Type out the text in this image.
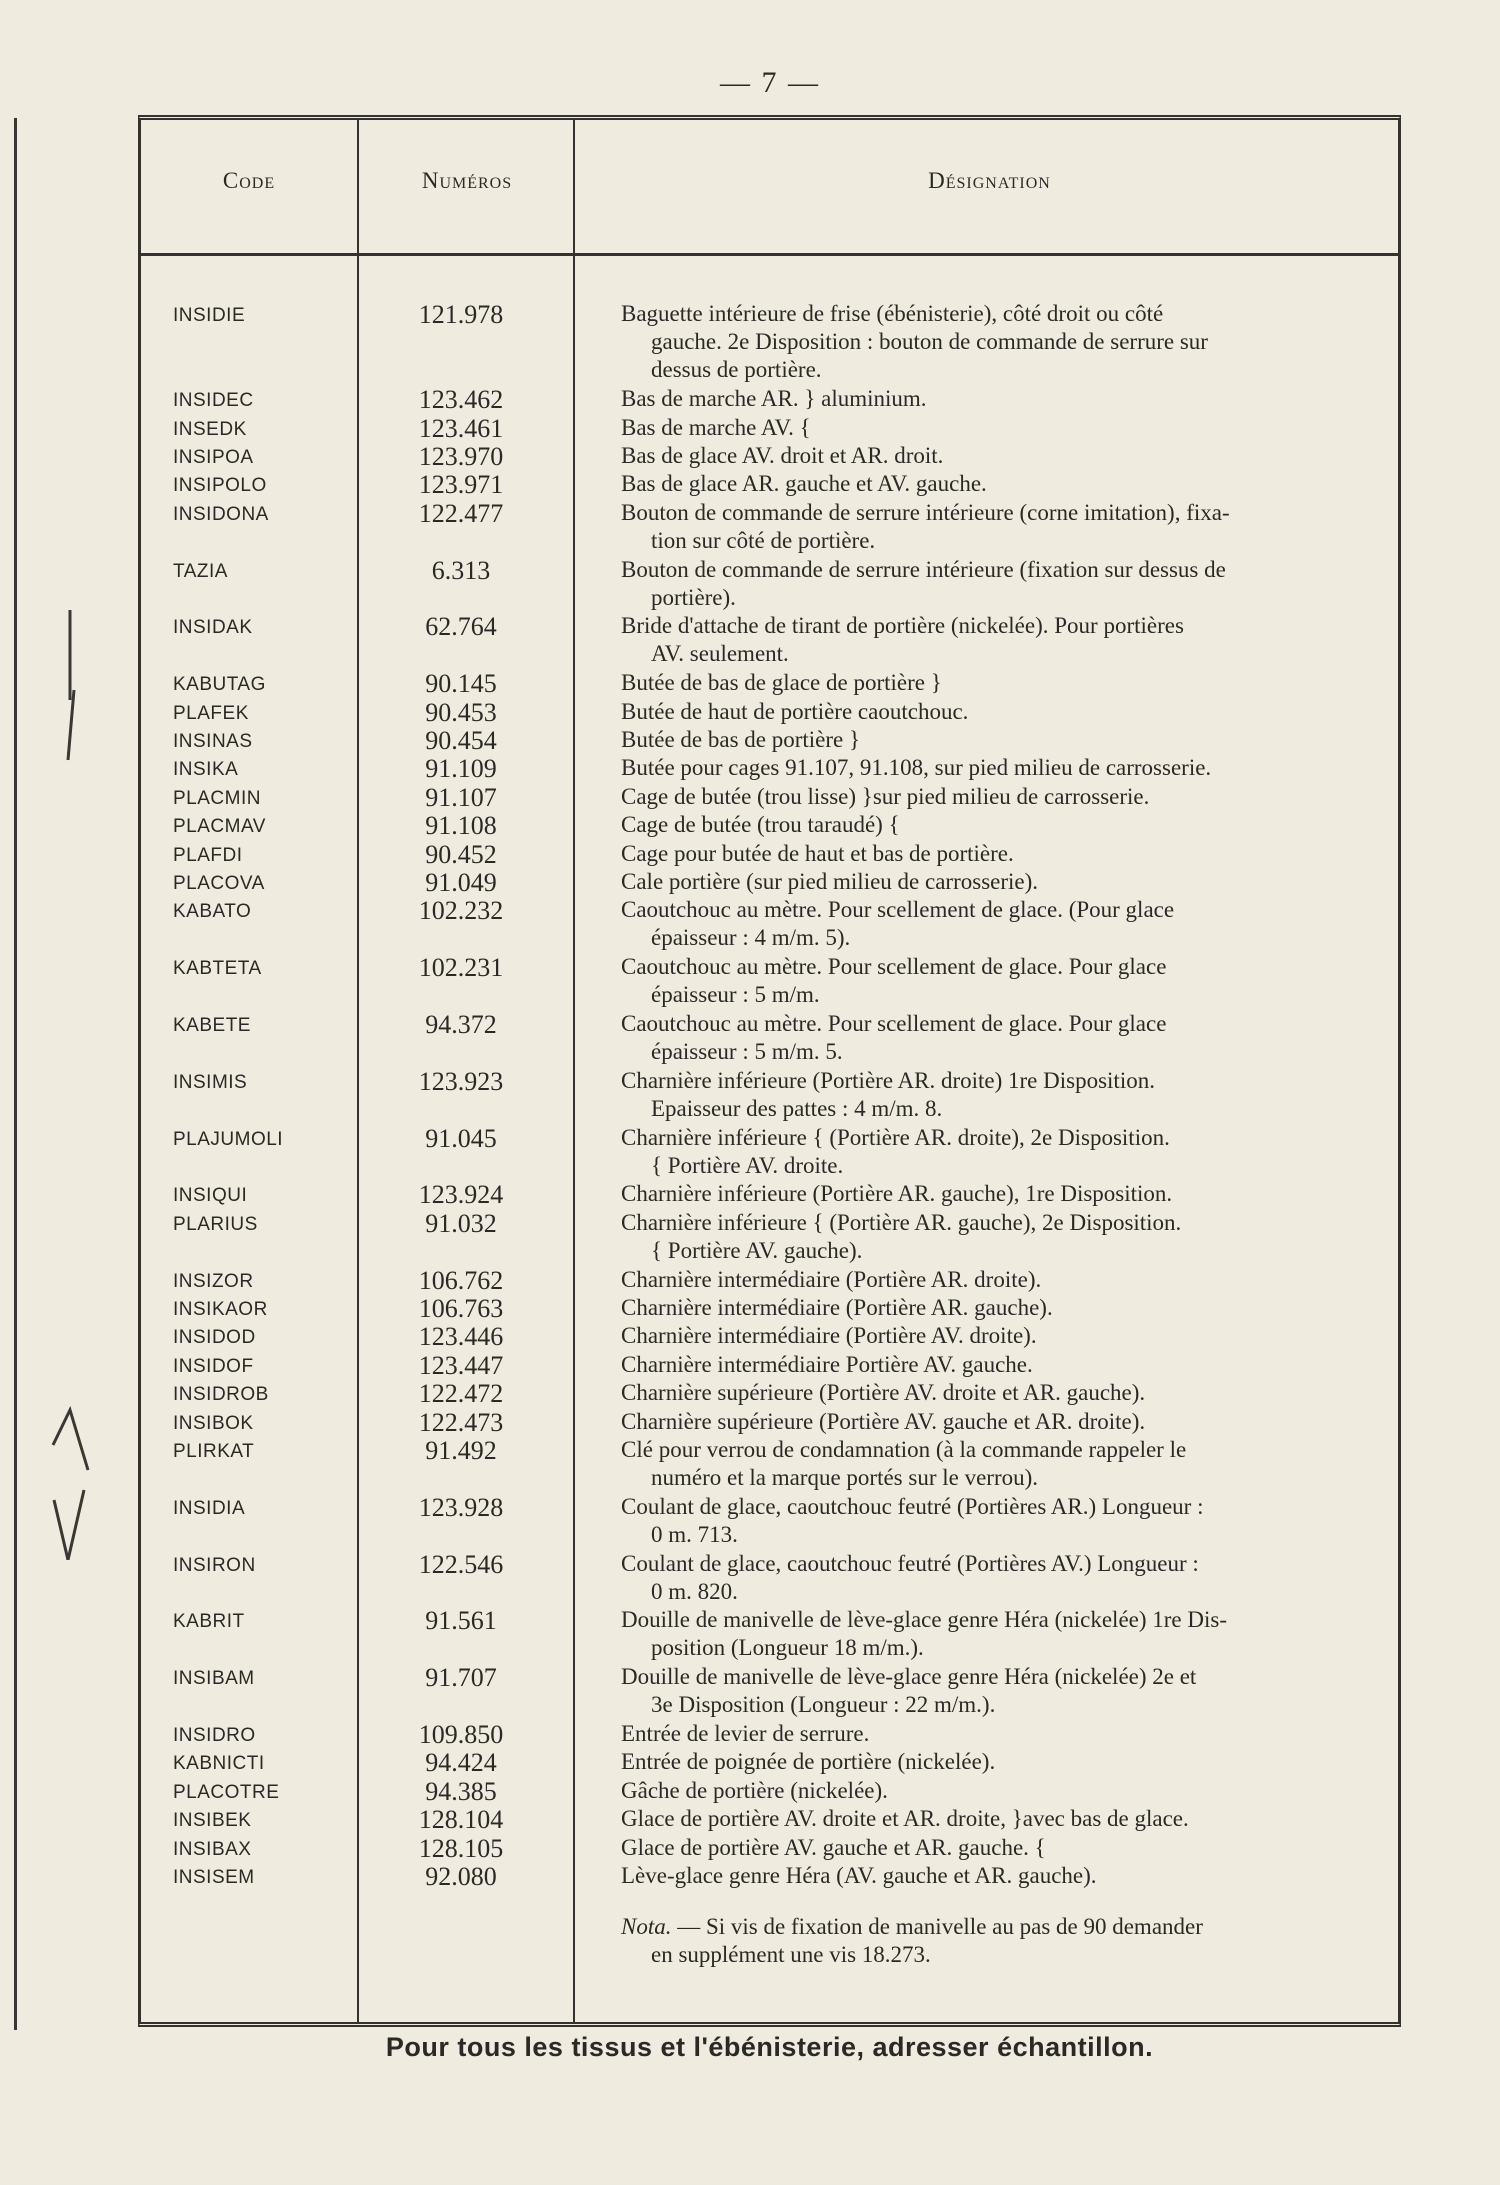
— 7 —
Code	Numéros	Désignation
INSIDIE	121.978	Baguette intérieure de frise (ébénisterie), côté droit ou côté
gauche. 2e Disposition : bouton de commande de serrure sur
dessus de portière.
INSIDEC	123.462	Bas de marche AR. } aluminium.
INSEDK	123.461	Bas de marche AV. {
INSIPOA	123.970	Bas de glace AV. droit et AR. droit.
INSIPOLO	123.971	Bas de glace AR. gauche et AV. gauche.
INSIDONA	122.477	Bouton de commande de serrure intérieure (corne imitation), fixa-
tion sur côté de portière.
TAZIA	6.313	Bouton de commande de serrure intérieure (fixation sur dessus de
portière).
INSIDAK	62.764	Bride d'attache de tirant de portière (nickelée). Pour portières
AV. seulement.
KABUTAG	90.145	Butée de bas de glace de portière }
PLAFEK	90.453	Butée de haut de portière caoutchouc.
INSINAS	90.454	Butée de bas de portière }
INSIKA	91.109	Butée pour cages 91.107, 91.108, sur pied milieu de carrosserie.
PLACMIN	91.107	Cage de butée (trou lisse) }sur pied milieu de carrosserie.
PLACMAV	91.108	Cage de butée (trou taraudé) {
PLAFDI	90.452	Cage pour butée de haut et bas de portière.
PLACOVA	91.049	Cale portière (sur pied milieu de carrosserie).
KABATO	102.232	Caoutchouc au mètre. Pour scellement de glace. (Pour glace
épaisseur : 4 m/m. 5).
KABTETA	102.231	Caoutchouc au mètre. Pour scellement de glace. Pour glace
épaisseur : 5 m/m.
KABETE	94.372	Caoutchouc au mètre. Pour scellement de glace. Pour glace
épaisseur : 5 m/m. 5.
INSIMIS	123.923	Charnière inférieure (Portière AR. droite) 1re Disposition.
Epaisseur des pattes : 4 m/m. 8.
PLAJUMOLI	91.045	Charnière inférieure { (Portière AR. droite), 2e Disposition.
{ Portière AV. droite.
INSIQUI	123.924	Charnière inférieure (Portière AR. gauche), 1re Disposition.
PLARIUS	91.032	Charnière inférieure { (Portière AR. gauche), 2e Disposition.
{ Portière AV. gauche).
INSIZOR	106.762	Charnière intermédiaire (Portière AR. droite).
INSIKAOR	106.763	Charnière intermédiaire (Portière AR. gauche).
INSIDOD	123.446	Charnière intermédiaire (Portière AV. droite).
INSIDOF	123.447	Charnière intermédiaire Portière AV. gauche.
INSIDROB	122.472	Charnière supérieure (Portière AV. droite et AR. gauche).
INSIBOK	122.473	Charnière supérieure (Portière AV. gauche et AR. droite).
PLIRKAT	91.492	Clé pour verrou de condamnation (à la commande rappeler le
numéro et la marque portés sur le verrou).
INSIDIA	123.928	Coulant de glace, caoutchouc feutré (Portières AR.) Longueur :
0 m. 713.
INSIRON	122.546	Coulant de glace, caoutchouc feutré (Portières AV.) Longueur :
0 m. 820.
KABRIT	91.561	Douille de manivelle de lève-glace genre Héra (nickelée) 1re Dis-
position (Longueur 18 m/m.).
INSIBAM	91.707	Douille de manivelle de lève-glace genre Héra (nickelée) 2e et
3e Disposition (Longueur : 22 m/m.).
INSIDRO	109.850	Entrée de levier de serrure.
KABNICTI	94.424	Entrée de poignée de portière (nickelée).
PLACOTRE	94.385	Gâche de portière (nickelée).
INSIBEK	128.104	Glace de portière AV. droite et AR. droite, }avec bas de glace.
INSIBAX	128.105	Glace de portière AV. gauche et AR. gauche. {
INSISEM	92.080	Lève-glace genre Héra (AV. gauche et AR. gauche).
Nota. — Si vis de fixation de manivelle au pas de 90 demander
en supplément une vis 18.273.
Pour tous les tissus et l'ébénisterie, adresser échantillon.
